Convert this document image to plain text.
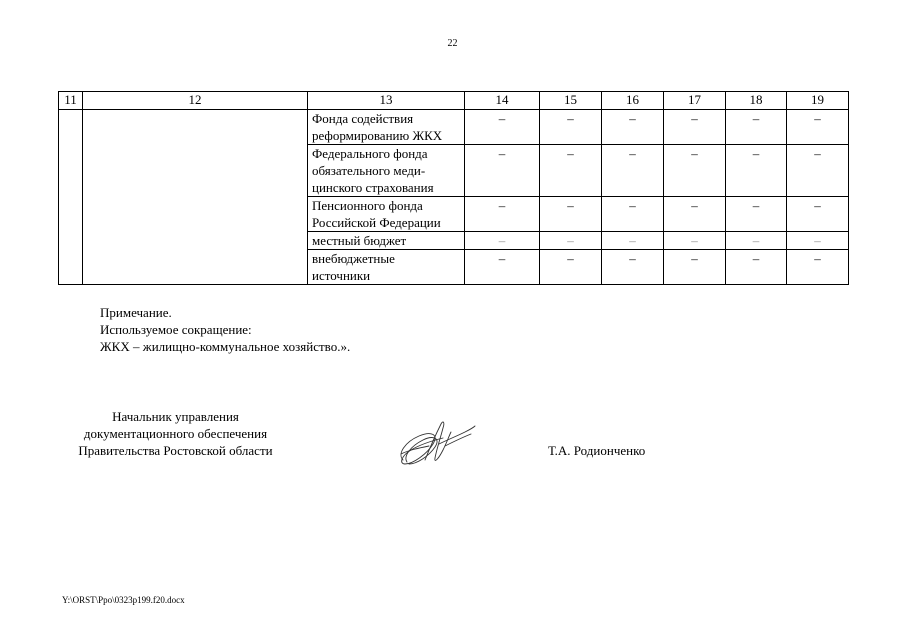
22
11	12	13	14	15	16	17	18	19

		Фонда содействия
реформированию ЖКХ	–	–	–	–	–	–

		Федерального фонда
обязательного меди-
цинского страхования	–	–	–	–	–	–

		Пенсионного фонда
Российской Федерации	–	–	–	–	–	–

		местный бюджет	–	–	–	–	–	–

		внебюджетные
источники	–	–	–	–	–	–
Примечание.
Используемое сокращение:
ЖКХ – жилищно-коммунальное хозяйство.».
Начальник управления
документационного обеспечения
Правительства Ростовской области	Т.А. Родионченко
Y:\ORST\Ppo\0323p199.f20.docx
